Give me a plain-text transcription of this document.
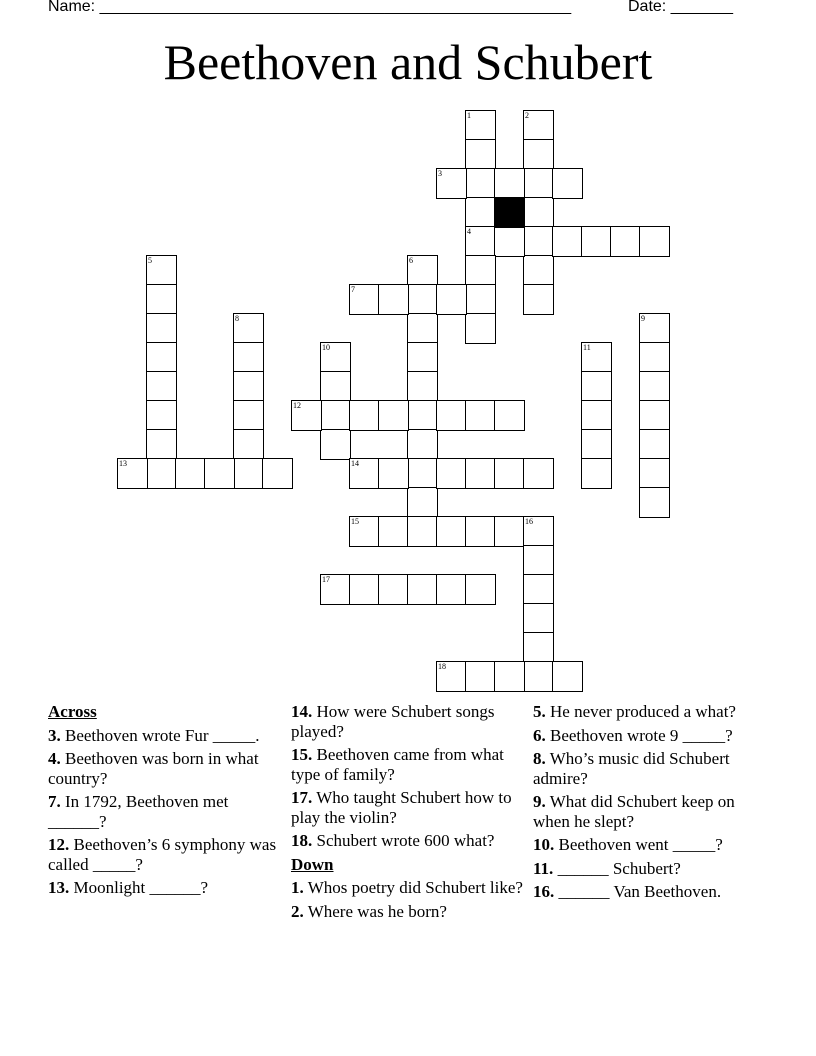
Name: _____________________________________________________	Date: _______
Beethoven and Schubert
1	2
3
4
5	6
7
8	9
10	11
12
13	14
15	16
17
18
Across
3. Beethoven wrote Fur _____.
4. Beethoven was born in what country?
7. In 1792, Beethoven met ______?
12. Beethoven’s 6 symphony was called _____?
13. Moonlight ______?
14. How were Schubert songs played?
15. Beethoven came from what type of family?
17. Who taught Schubert how to play the violin?
18. Schubert wrote 600 what?
Down
1. Whos poetry did Schubert like?
2. Where was he born?
5. He never produced a what?
6. Beethoven wrote 9 _____?
8. Who’s music did Schubert admire?
9. What did Schubert keep on when he slept?
10. Beethoven went _____?
11. ______ Schubert?
16. ______ Van Beethoven.
